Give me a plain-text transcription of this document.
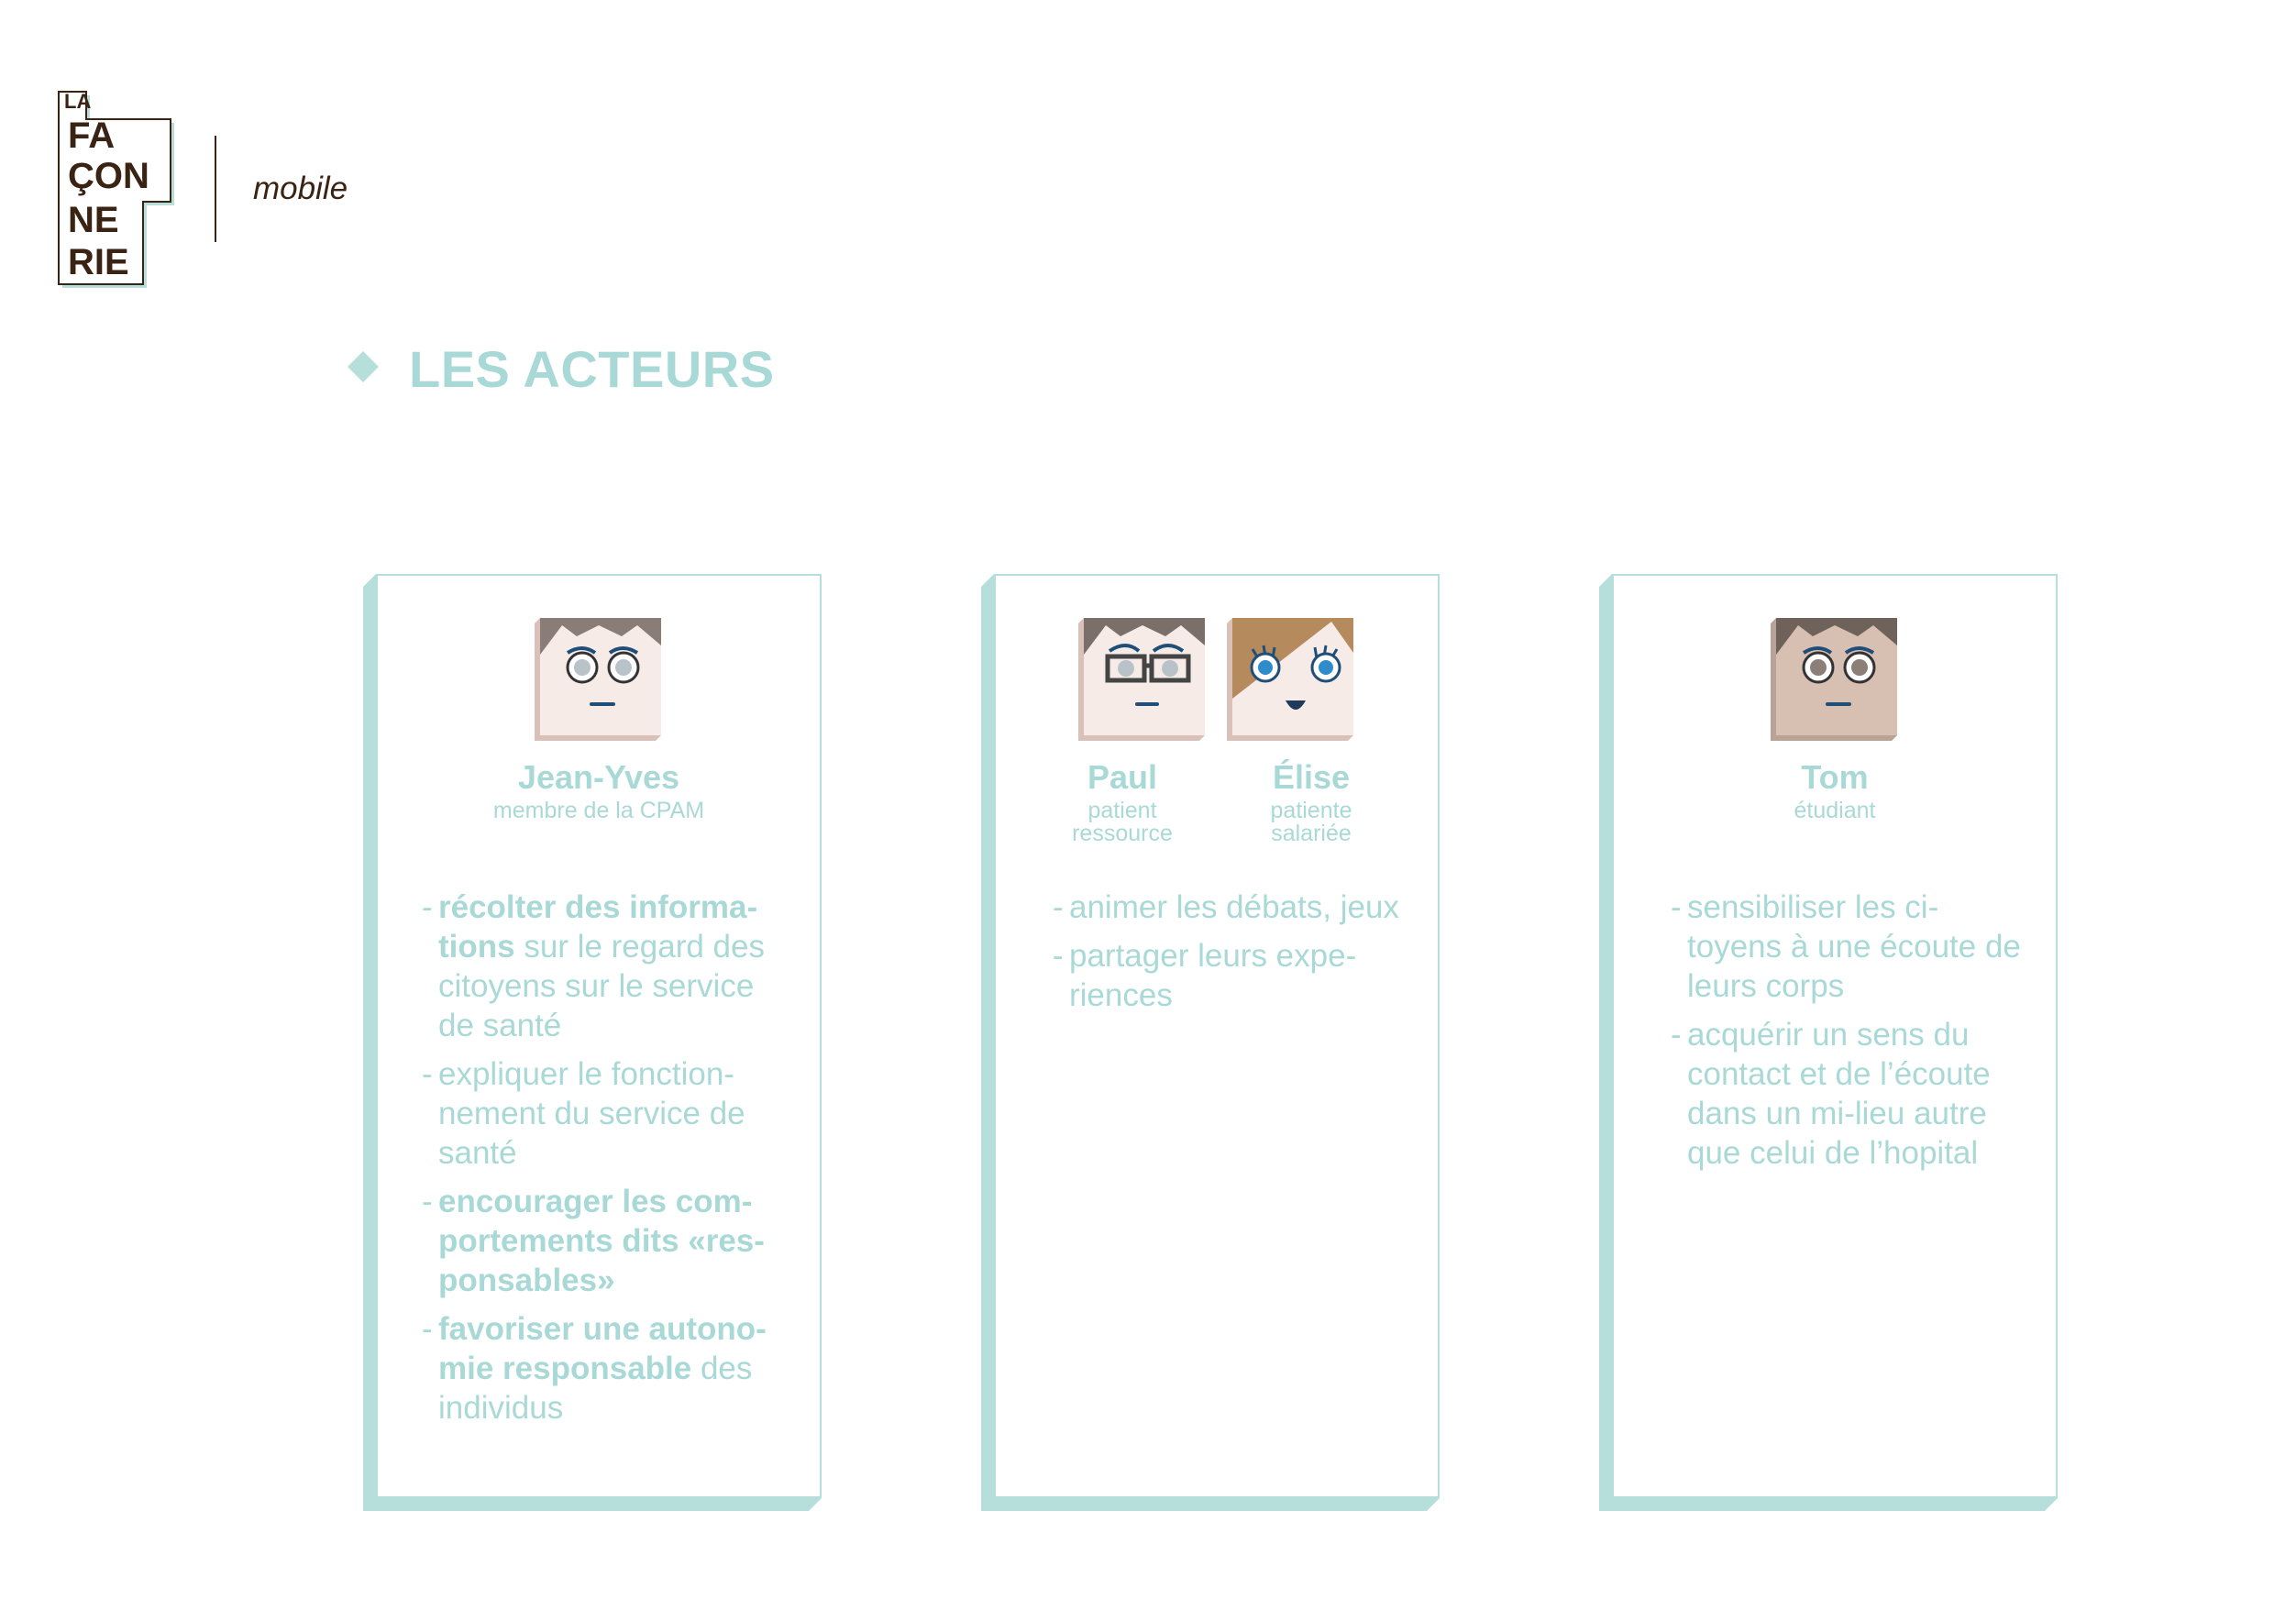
LA
FA
ÇON
NE
RIE
mobile
LES ACTEURS
Jean-Yves
membre de la CPAM
- récolter des informa-tions sur le regard des citoyens sur le service de santé
- expliquer le fonction-nement du service de santé
- encourager les com-portements dits «res-ponsables»
- favoriser une autono-mie responsable des individus
Paul
patient ressource
Élise
patiente salariée
- animer les débats, jeux
- partager leurs expe-riences
Tom
étudiant
- sensibiliser les ci-toyens à une écoute de leurs corps
- acquérir un sens du contact et de l’écoute dans un mi-lieu autre que celui de l’hopital
